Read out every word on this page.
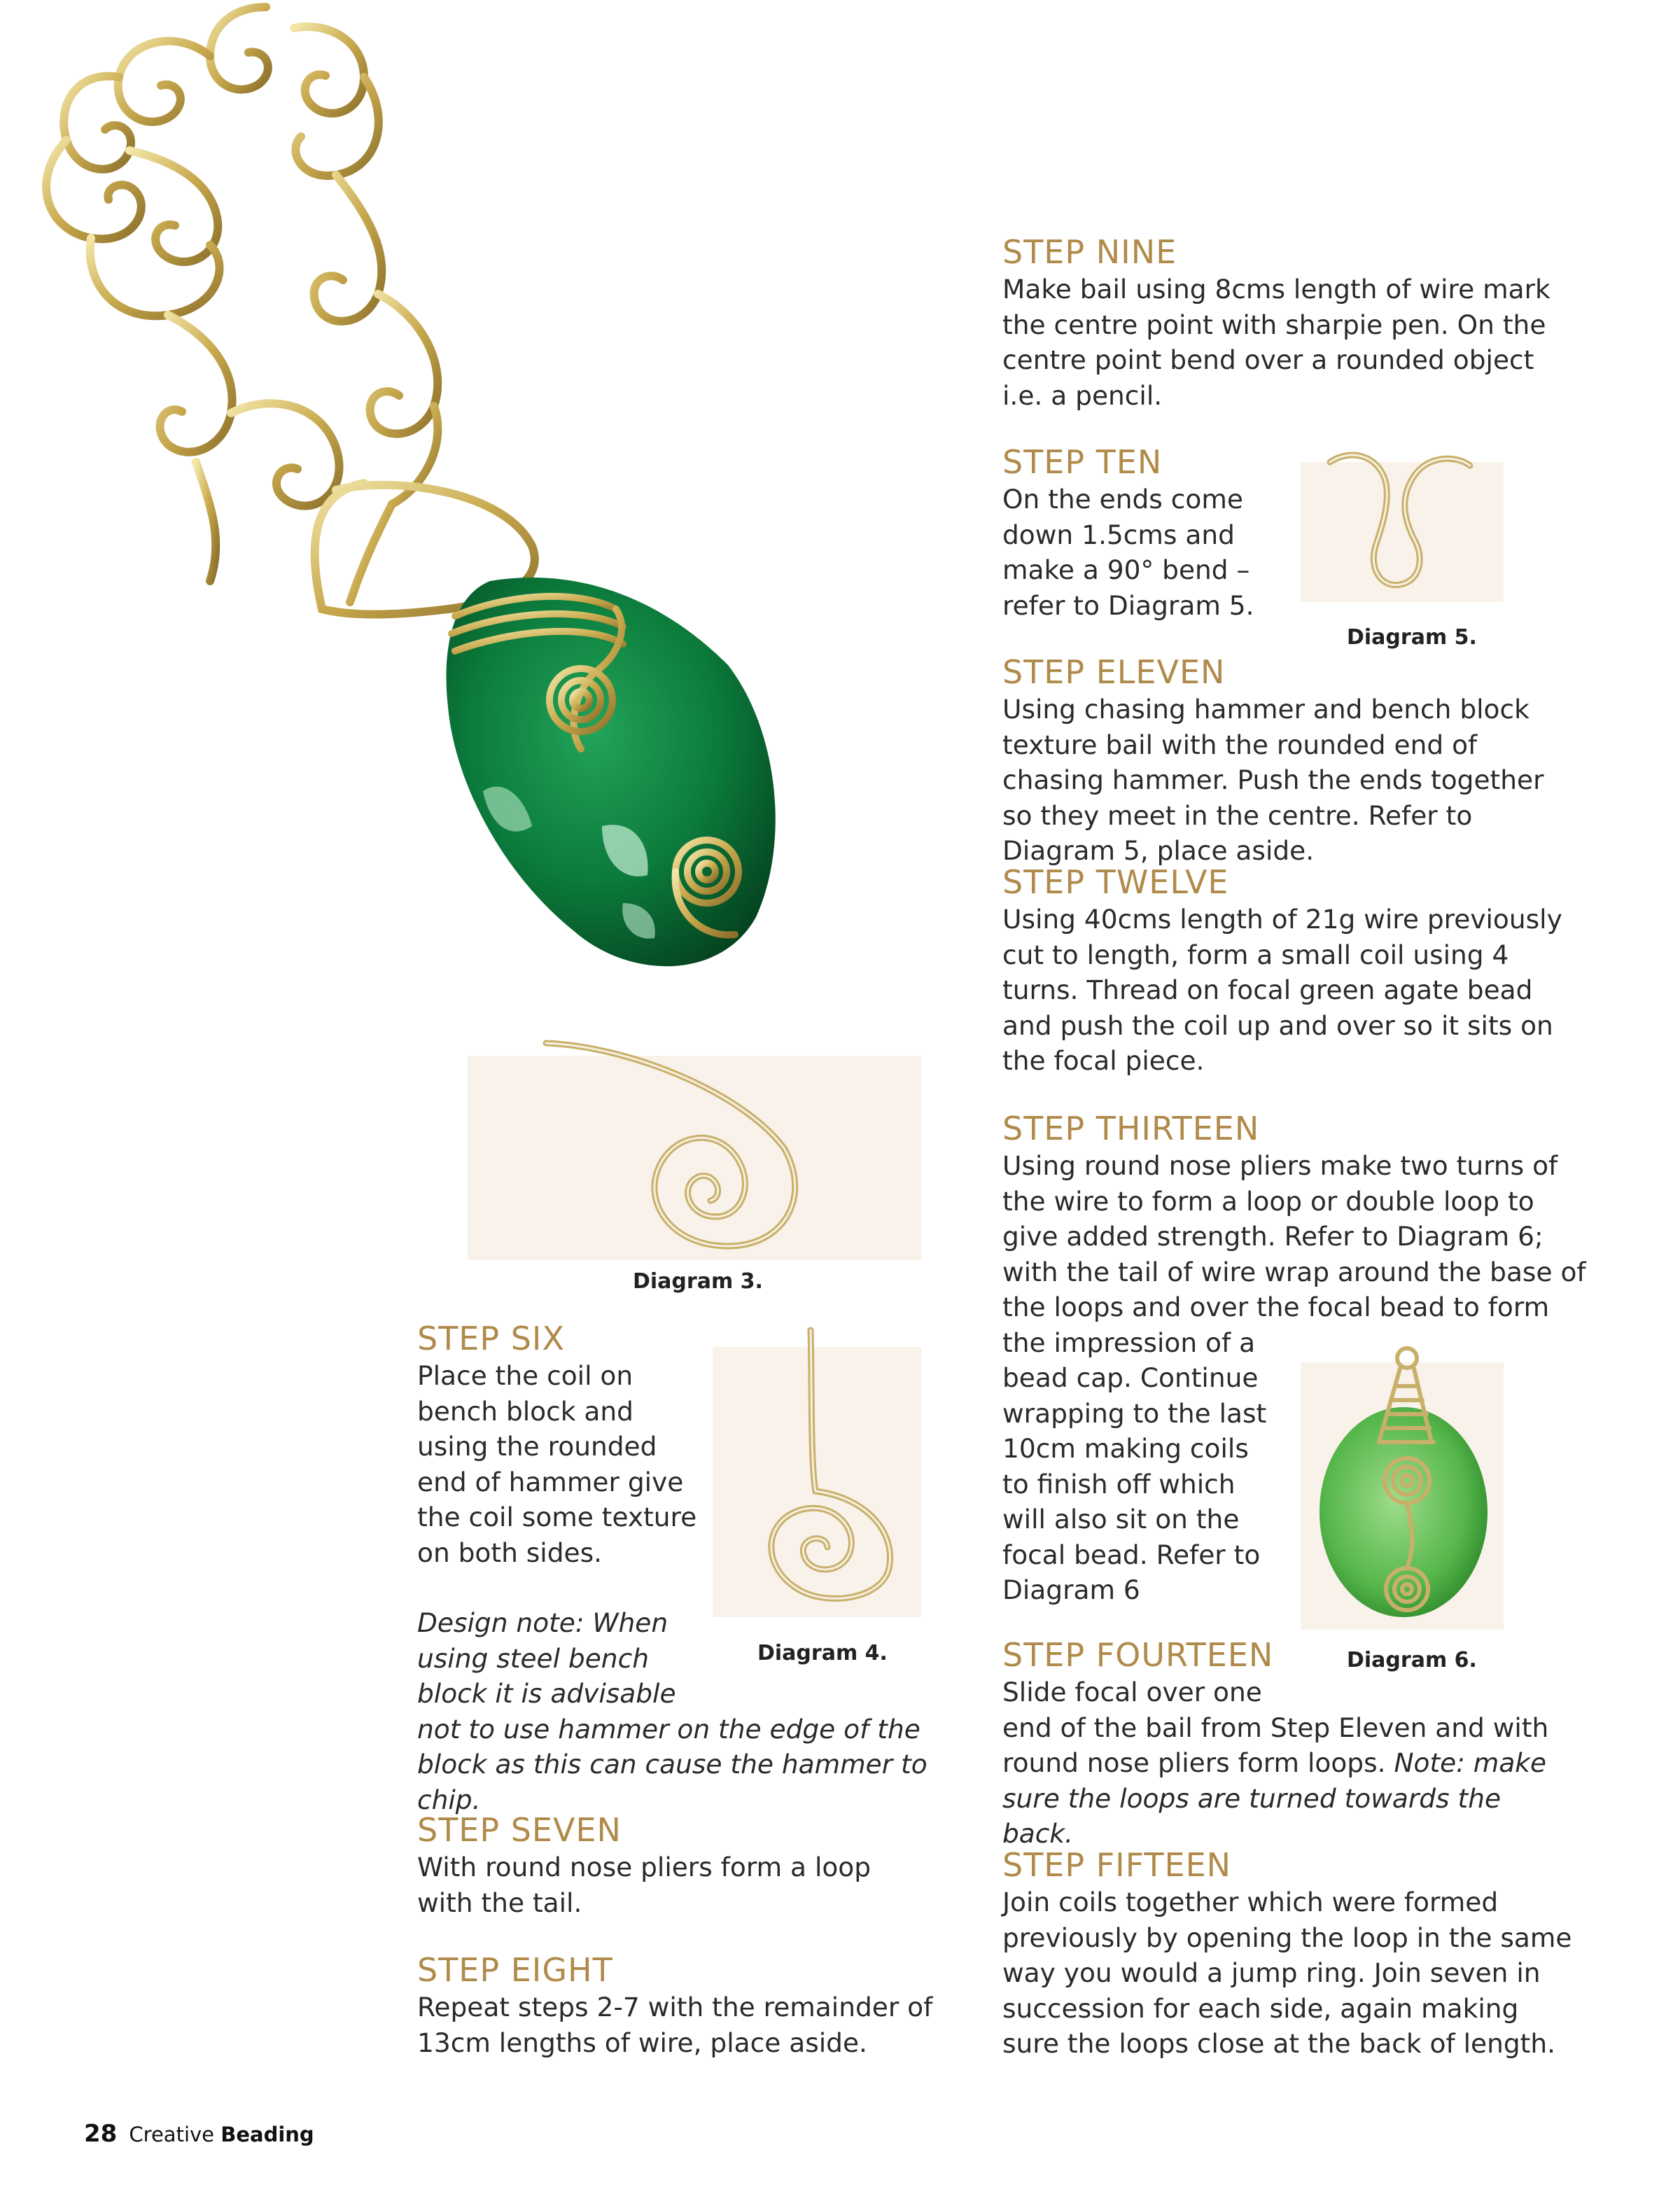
Diagram 3.
Diagram 4.
Diagram 5.
Diagram 6.
STEP NINE

Make bail using 8cms length of wire mark the centre point with sharpie pen. On the centre point bend over a rounded object i.e. a pencil.

STEP TEN

On the ends come
down 1.5cms and
make a 90° bend –
refer to Diagram 5.

STEP ELEVEN

Using chasing hammer and bench block texture bail with the rounded end of chasing hammer. Push the ends together so they meet in the centre. Refer to Diagram 5, place aside.

STEP TWELVE

Using 40cms length of 21g wire previously cut to length, form a small coil using 4 turns. Thread on focal green agate bead and push the coil up and over so it sits on the focal piece.

STEP THIRTEEN

Using round nose pliers make two turns of
the wire to form a loop or double loop to
give added strength. Refer to Diagram 6;
with the tail of wire wrap around the base of
the loops and over the focal bead to form
the impression of a
bead cap. Continue
wrapping to the last
10cm making coils
to finish off which
will also sit on the
focal bead. Refer to
Diagram 6

STEP FOURTEEN

Slide focal over one
end of the bail from Step Eleven and with round nose pliers form loops. Note: make sure the loops are turned towards the back.

STEP FIFTEEN

Join coils together which were formed previously by opening the loop in the same way you would a jump ring. Join seven in succession for each side, again making sure the loops close at the back of length.

STEP SIX

Place the coil on
bench block and
using the rounded
end of hammer give
the coil some texture
on both sides.

Design note: When
using steel bench
block it is advisable
not to use hammer on the edge of the block as this can cause the hammer to chip.

STEP SEVEN

With round nose pliers form a loop with the tail.

STEP EIGHT

Repeat steps 2-7 with the remainder of 13cm lengths of wire, place aside.

28 Creative Beading
